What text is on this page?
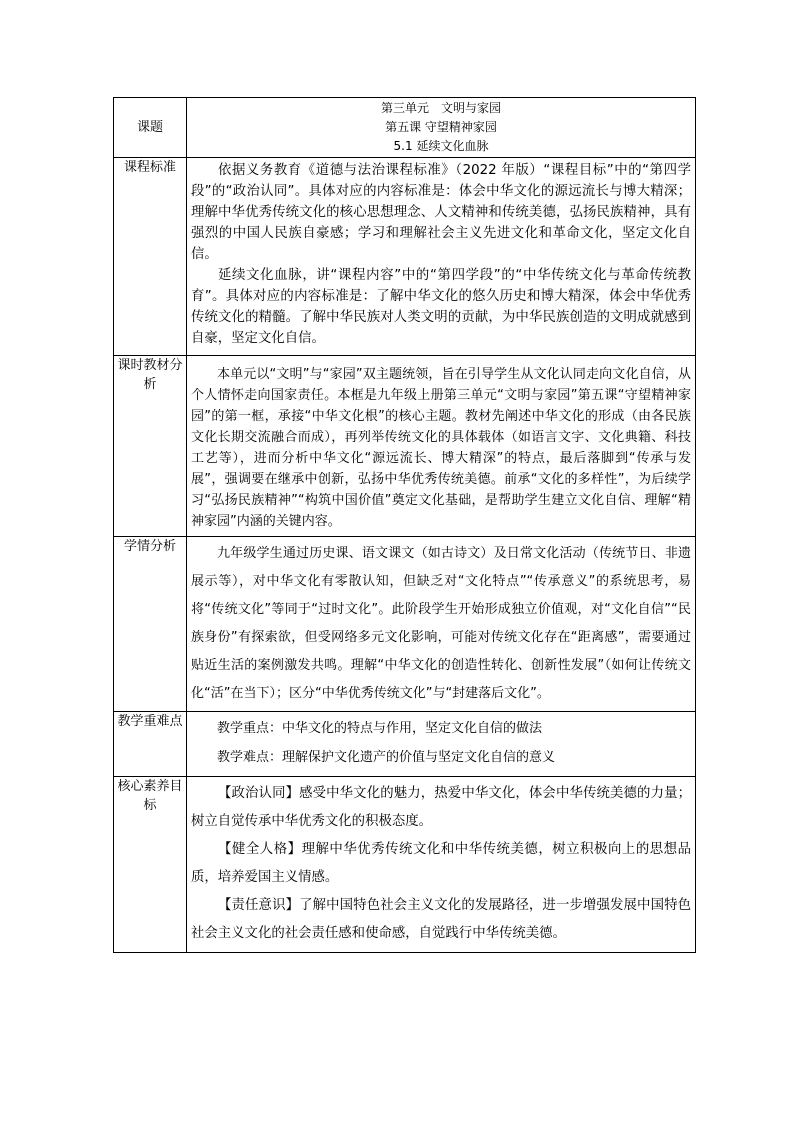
课题	第三单元　文明与家园
第五课 守望精神家园
5.1 延续文化血脉

课程标准	依据义务教育《道德与法治课程标准》（2022 年版）“课程目标”中的“第四学段”的“政治认同”。具体对应的内容标准是：体会中华文化的源远流长与博大精深；理解中华优秀传统文化的核心思想理念、人文精神和传统美德，弘扬民族精神，具有强烈的中国人民族自豪感；学习和理解社会主义先进文化和革命文化，坚定文化自信。

延续文化血脉，讲“课程内容”中的“第四学段”的“中华传统文化与革命传统教育”。具体对应的内容标准是：了解中华文化的悠久历史和博大精深，体会中华优秀传统文化的精髓。了解中华民族对人类文明的贡献，为中华民族创造的文明成就感到自豪，坚定文化自信。

课时教材分析	本单元以“文明”与“家园”双主题统领，旨在引导学生从文化认同走向文化自信，从个人情怀走向国家责任。本框是九年级上册第三单元“文明与家园”第五课“守望精神家园”的第一框，承接“中华文化根”的核心主题。教材先阐述中华文化的形成（由各民族文化长期交流融合而成），再列举传统文化的具体载体（如语言文字、文化典籍、科技工艺等），进而分析中华文化“源远流长、博大精深”的特点，最后落脚到“传承与发展”，强调要在继承中创新，弘扬中华优秀传统美德。前承“文化的多样性”，为后续学习“弘扬民族精神”“构筑中国价值”奠定文化基础，是帮助学生建立文化自信、理解“精神家园”内涵的关键内容。

学情分析	九年级学生通过历史课、语文课文（如古诗文）及日常文化活动（传统节日、非遗展示等），对中华文化有零散认知，但缺乏对“文化特点”“传承意义”的系统思考，易将“传统文化”等同于“过时文化”。此阶段学生开始形成独立价值观，对“文化自信”“民族身份”有探索欲，但受网络多元文化影响，可能对传统文化存在“距离感”，需要通过贴近生活的案例激发共鸣。理解“中华文化的创造性转化、创新性发展”（如何让传统文化“活”在当下）；区分“中华优秀传统文化”与“封建落后文化”。

教学重难点	教学重点：中华文化的特点与作用，坚定文化自信的做法

教学难点：理解保护文化遗产的价值与坚定文化自信的意义

核心素养目标	【政治认同】感受中华文化的魅力，热爱中华文化，体会中华传统美德的力量；树立自觉传承中华优秀文化的积极态度。

【健全人格】理解中华优秀传统文化和中华传统美德，树立积极向上的思想品质，培养爱国主义情感。

【责任意识】了解中国特色社会主义文化的发展路径，进一步增强发展中国特色社会主义文化的社会责任感和使命感，自觉践行中华传统美德。
